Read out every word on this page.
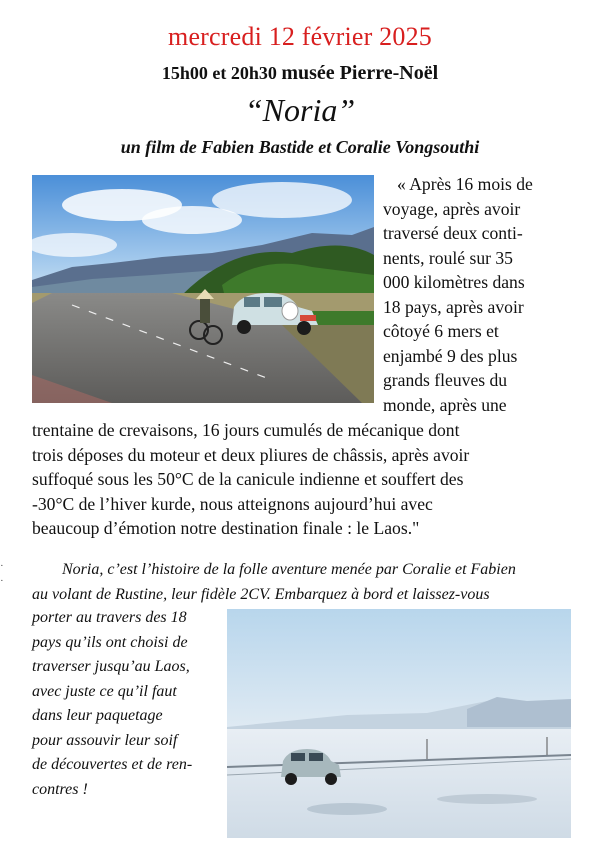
mercredi 12 février 2025
15h00 et 20h30 musée Pierre-Noël
“Noria”
un film de Fabien Bastide et Coralie Vongsouthi
« Après 16 mois de
voyage, après avoir
traversé deux conti-
nents, roulé sur 35
000 kilomètres dans
18 pays, après avoir
côtoyé 6 mers et
enjambé 9 des plus
grands fleuves du
monde, après une
trentaine de crevaisons, 16 jours cumulés de mécanique dont
trois déposes du moteur et deux pliures de châssis, après avoir
suffoqué sous les 50°C de la canicule indienne et souffert des
-30°C de l’hiver kurde, nous atteignons aujourd’hui avec
beaucoup d’émotion notre destination finale : le Laos."
Noria, c’est l’histoire de la folle aventure menée par Coralie et Fabien
au volant de Rustine, leur fidèle 2CV. Embarquez à bord et laissez-vous
porter au travers des 18
pays qu’ils ont choisi de
traverser jusqu’au Laos,
avec juste ce qu’il faut
dans leur paquetage
pour assouvir leur soif
de découvertes et de ren-
contres !
·
·
